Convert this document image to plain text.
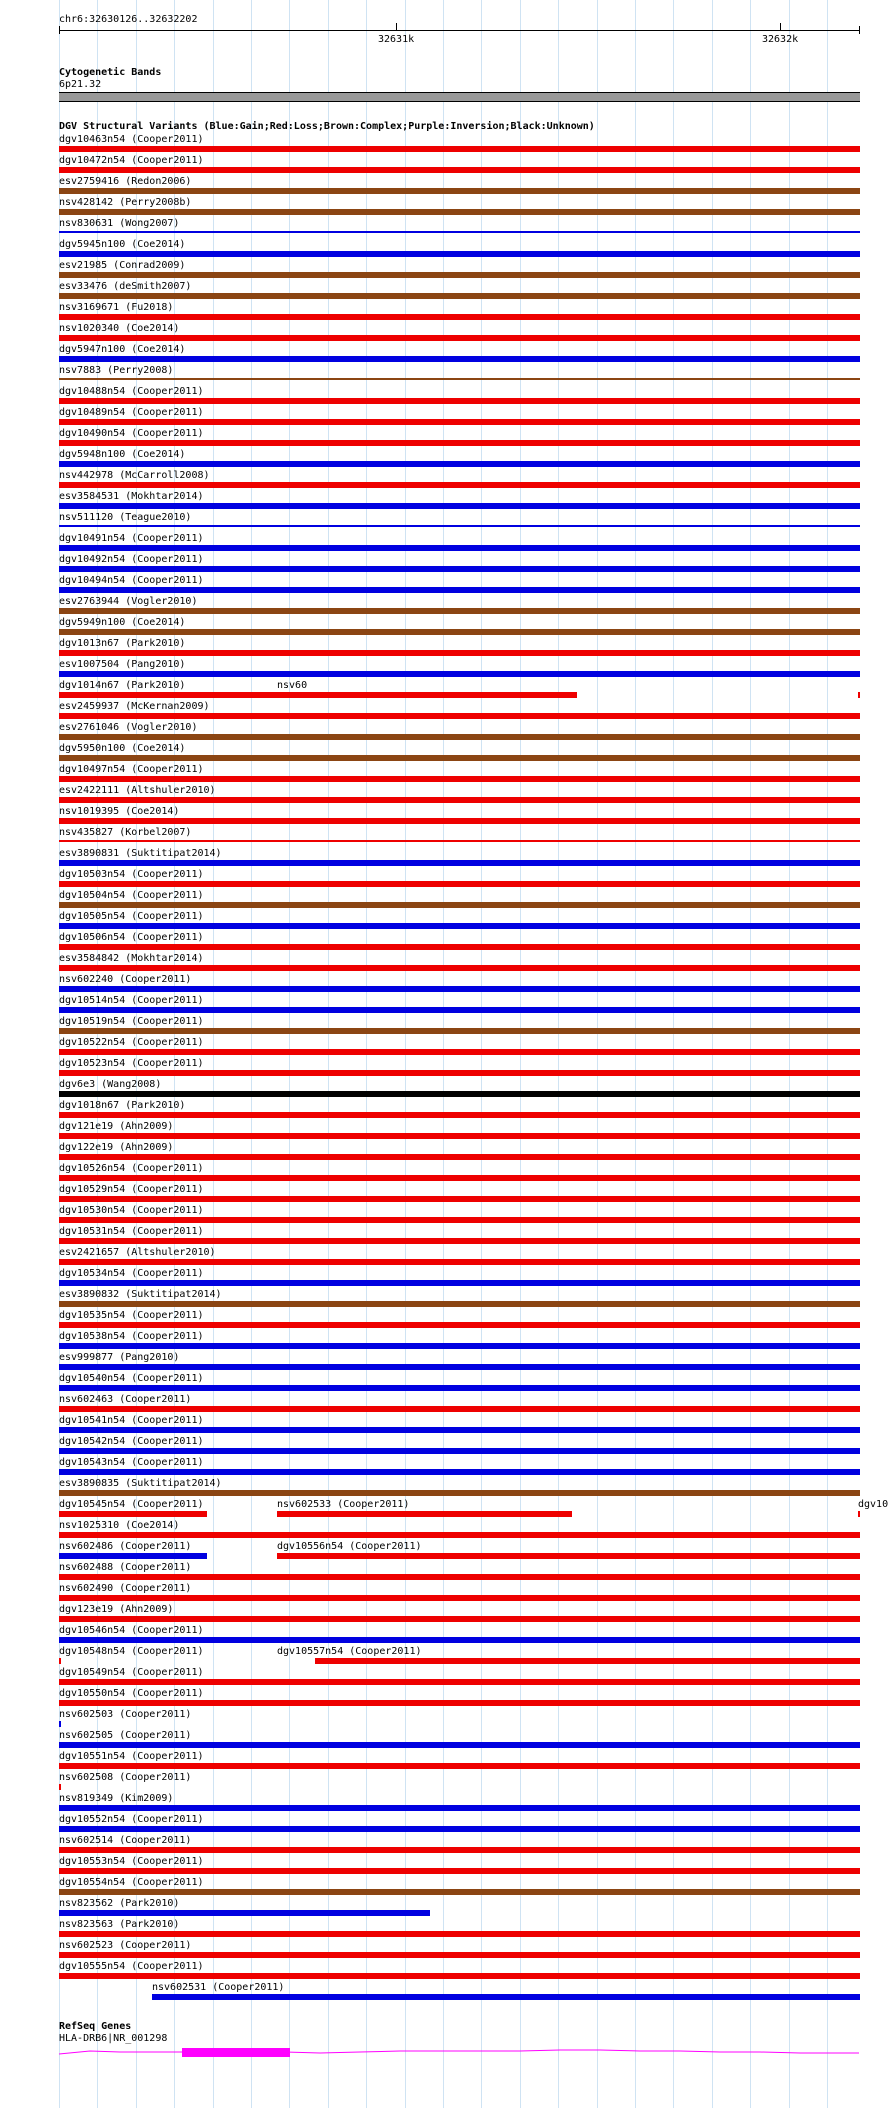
chr6:32630126..32632202
32631k	32632k
Cytogenetic Bands
6p21.32
DGV Structural Variants (Blue:Gain;Red:Loss;Brown:Complex;Purple:Inversion;Black:Unknown)
dgv10463n54 (Cooper2011)
dgv10472n54 (Cooper2011)
esv2759416 (Redon2006)
nsv428142 (Perry2008b)
nsv830631 (Wong2007)
dgv5945n100 (Coe2014)
esv21985 (Conrad2009)
esv33476 (deSmith2007)
nsv3169671 (Fu2018)
nsv1020340 (Coe2014)
dgv5947n100 (Coe2014)
nsv7883 (Perry2008)
dgv10488n54 (Cooper2011)
dgv10489n54 (Cooper2011)
dgv10490n54 (Cooper2011)
dgv5948n100 (Coe2014)
nsv442978 (McCarroll2008)
esv3584531 (Mokhtar2014)
nsv511120 (Teague2010)
dgv10491n54 (Cooper2011)
dgv10492n54 (Cooper2011)
dgv10494n54 (Cooper2011)
esv2763944 (Vogler2010)
dgv5949n100 (Coe2014)
dgv1013n67 (Park2010)
esv1007504 (Pang2010)
dgv1014n67 (Park2010)	nsv60
esv2459937 (McKernan2009)
esv2761046 (Vogler2010)
dgv5950n100 (Coe2014)
dgv10497n54 (Cooper2011)
esv2422111 (Altshuler2010)
nsv1019395 (Coe2014)
nsv435827 (Korbel2007)
esv3890831 (Suktitipat2014)
dgv10503n54 (Cooper2011)
dgv10504n54 (Cooper2011)
dgv10505n54 (Cooper2011)
dgv10506n54 (Cooper2011)
esv3584842 (Mokhtar2014)
nsv602240 (Cooper2011)
dgv10514n54 (Cooper2011)
dgv10519n54 (Cooper2011)
dgv10522n54 (Cooper2011)
dgv10523n54 (Cooper2011)
dgv6e3 (Wang2008)
dgv1018n67 (Park2010)
dgv121e19 (Ahn2009)
dgv122e19 (Ahn2009)
dgv10526n54 (Cooper2011)
dgv10529n54 (Cooper2011)
dgv10530n54 (Cooper2011)
dgv10531n54 (Cooper2011)
esv2421657 (Altshuler2010)
dgv10534n54 (Cooper2011)
esv3890832 (Suktitipat2014)
dgv10535n54 (Cooper2011)
dgv10538n54 (Cooper2011)
esv999877 (Pang2010)
dgv10540n54 (Cooper2011)
nsv602463 (Cooper2011)
dgv10541n54 (Cooper2011)
dgv10542n54 (Cooper2011)
dgv10543n54 (Cooper2011)
esv3890835 (Suktitipat2014)
dgv10545n54 (Cooper2011)	nsv602533 (Cooper2011)	dgv10
nsv1025310 (Coe2014)
nsv602486 (Cooper2011)	dgv10556n54 (Cooper2011)
nsv602488 (Cooper2011)
nsv602490 (Cooper2011)
dgv123e19 (Ahn2009)
dgv10546n54 (Cooper2011)
dgv10548n54 (Cooper2011)	dgv10557n54 (Cooper2011)
dgv10549n54 (Cooper2011)
dgv10550n54 (Cooper2011)
nsv602503 (Cooper2011)
nsv602505 (Cooper2011)
dgv10551n54 (Cooper2011)
nsv602508 (Cooper2011)
nsv819349 (Kim2009)
dgv10552n54 (Cooper2011)
nsv602514 (Cooper2011)
dgv10553n54 (Cooper2011)
dgv10554n54 (Cooper2011)
nsv823562 (Park2010)
nsv823563 (Park2010)
nsv602523 (Cooper2011)
dgv10555n54 (Cooper2011)
nsv602531 (Cooper2011)
RefSeq Genes
HLA-DRB6|NR_001298
